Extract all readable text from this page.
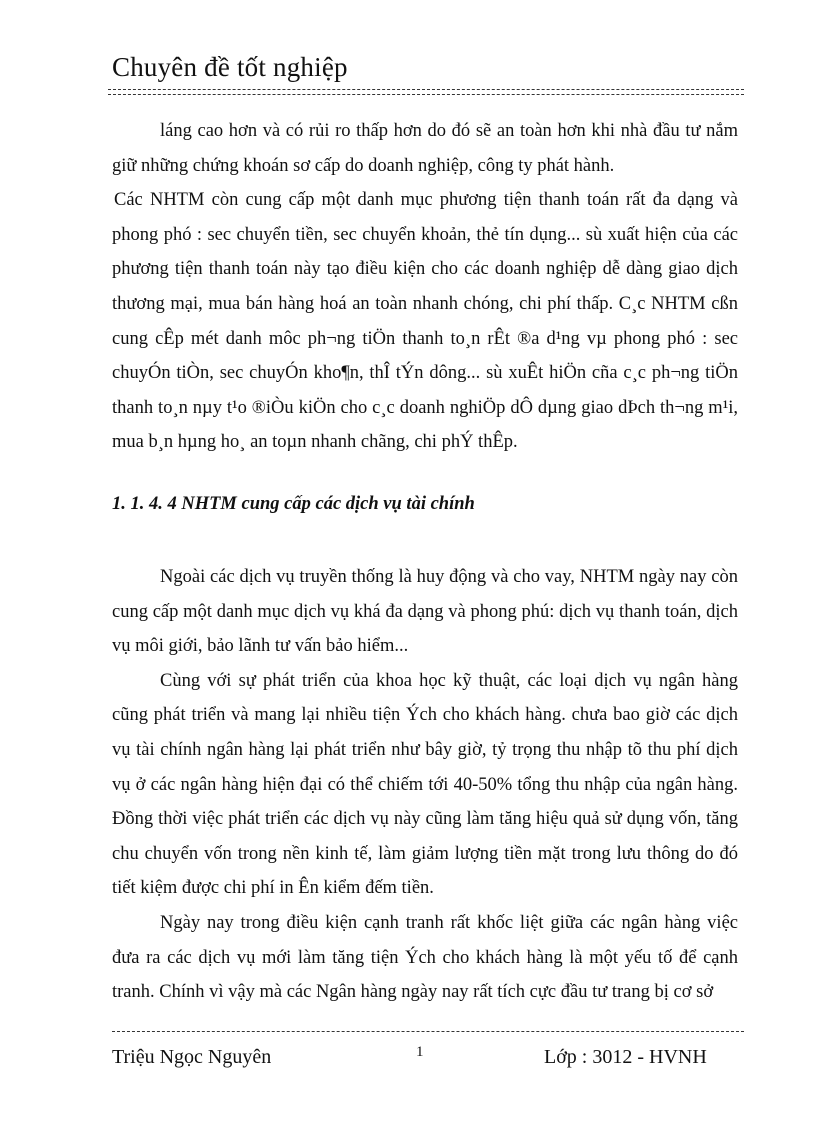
Chuyên đề tốt nghiệp

láng cao hơn và có rủi ro thấp hơn do đó sẽ an toàn hơn khi nhà đầu tư nắm giữ những chứng khoán sơ cấp do doanh nghiệp, công ty phát hành.

Các NHTM còn cung cấp một danh mục phương tiện thanh toán rất đa dạng và phong phó : sec chuyển tiền, sec chuyển khoản, thẻ tín dụng... sù xuất hiện của các phương tiện thanh toán này tạo điều kiện cho các doanh nghiệp dễ dàng giao dịch thương mại, mua bán hàng hoá an toàn nhanh chóng, chi phí thấp. C¸c NHTM cßn cung cÊp mét danh môc ph¬ng tiÖn thanh to¸n rÊt ®a d¹ng vµ phong phó : sec chuyÓn tiÒn, sec chuyÓn kho¶n, thÎ tÝn dông... sù xuÊt hiÖn cña c¸c ph¬ng tiÖn thanh to¸n nµy t¹o ®iÒu kiÖn cho c¸c doanh nghiÖp dÔ dµng giao dÞch th¬ng m¹i, mua b¸n hµng ho¸ an toµn nhanh chãng, chi phÝ thÊp.

1. 1. 4. 4 NHTM cung cấp các dịch vụ tài chính

Ngoài các dịch vụ truyền thống là huy động và cho vay, NHTM ngày nay còn cung cấp một danh mục dịch vụ khá đa dạng và phong phú: dịch vụ thanh toán, dịch vụ môi giới, bảo lãnh tư vấn bảo hiểm...

Cùng với sự phát triển của khoa học kỹ thuật, các loại dịch vụ ngân hàng cũng phát triển và mang lại nhiều tiện Ých cho khách hàng. chưa bao giờ các dịch vụ tài chính ngân hàng lại phát triển như bây giờ, tỷ trọng thu nhập tõ thu phí dịch vụ ở các ngân hàng hiện đại có thể chiếm tới 40-50% tổng thu nhập của ngân hàng. Đồng thời việc phát triển các dịch vụ này cũng làm tăng hiệu quả sử dụng vốn, tăng chu chuyển vốn trong nền kinh tế, làm giảm lượng tiền mặt trong lưu thông do đó tiết kiệm được chi phí in Ên kiểm đếm tiền.

Ngày nay trong điều kiện cạnh tranh rất khốc liệt giữa các ngân hàng việc đưa ra các dịch vụ mới làm tăng tiện Ých cho khách hàng là một yếu tố để cạnh tranh. Chính vì vậy mà các Ngân hàng ngày nay rất tích cực đầu tư trang bị cơ sở

Triệu Ngọc Nguyên	1	Lớp : 3012 - HVNH
